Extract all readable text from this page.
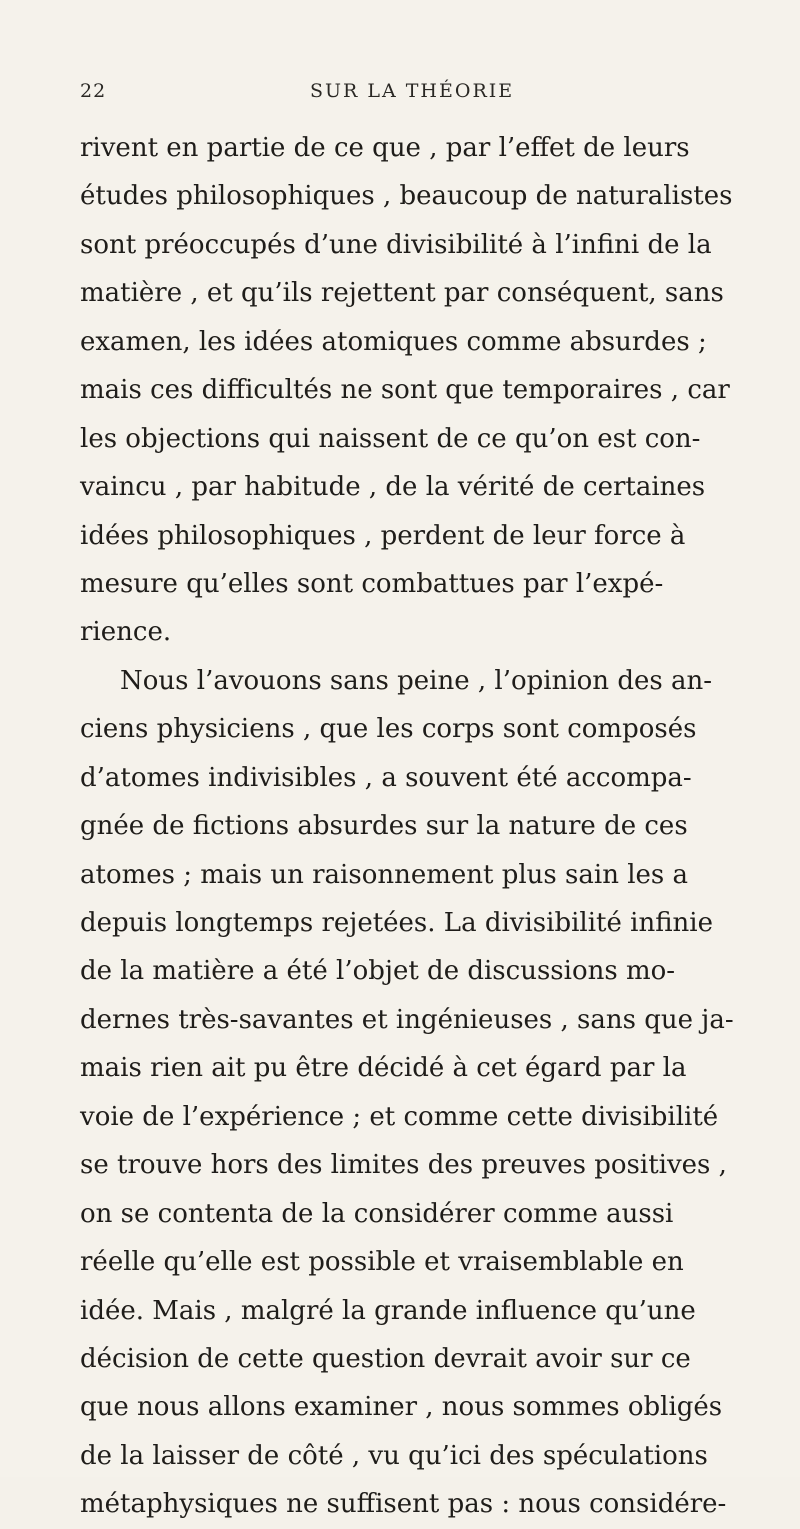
22	SUR LA THÉORIE
rivent en partie de ce que , par l’effet de leurs
études philosophiques , beaucoup de naturalistes
sont préoccupés d’une divisibilité à l’infini de la
matière , et qu’ils rejettent par conséquent, sans
examen, les idées atomiques comme absurdes ;
mais ces difficultés ne sont que temporaires , car
les objections qui naissent de ce qu’on est con-
vaincu , par habitude , de la vérité de certaines
idées philosophiques , perdent de leur force à
mesure qu’elles sont combattues par l’expé-
rience.
Nous l’avouons sans peine , l’opinion des an-
ciens physiciens , que les corps sont composés
d’atomes indivisibles , a souvent été accompa-
gnée de fictions absurdes sur la nature de ces
atomes ; mais un raisonnement plus sain les a
depuis longtemps rejetées. La divisibilité infinie
de la matière a été l’objet de discussions mo-
dernes très-savantes et ingénieuses , sans que ja-
mais rien ait pu être décidé à cet égard par la
voie de l’expérience ; et comme cette divisibilité
se trouve hors des limites des preuves positives ,
on se contenta de la considérer comme aussi
réelle qu’elle est possible et vraisemblable en
idée. Mais , malgré la grande influence qu’une
décision de cette question devrait avoir sur ce
que nous allons examiner , nous sommes obligés
de la laisser de côté , vu qu’ici des spéculations
métaphysiques ne suffisent pas : nous considére-
